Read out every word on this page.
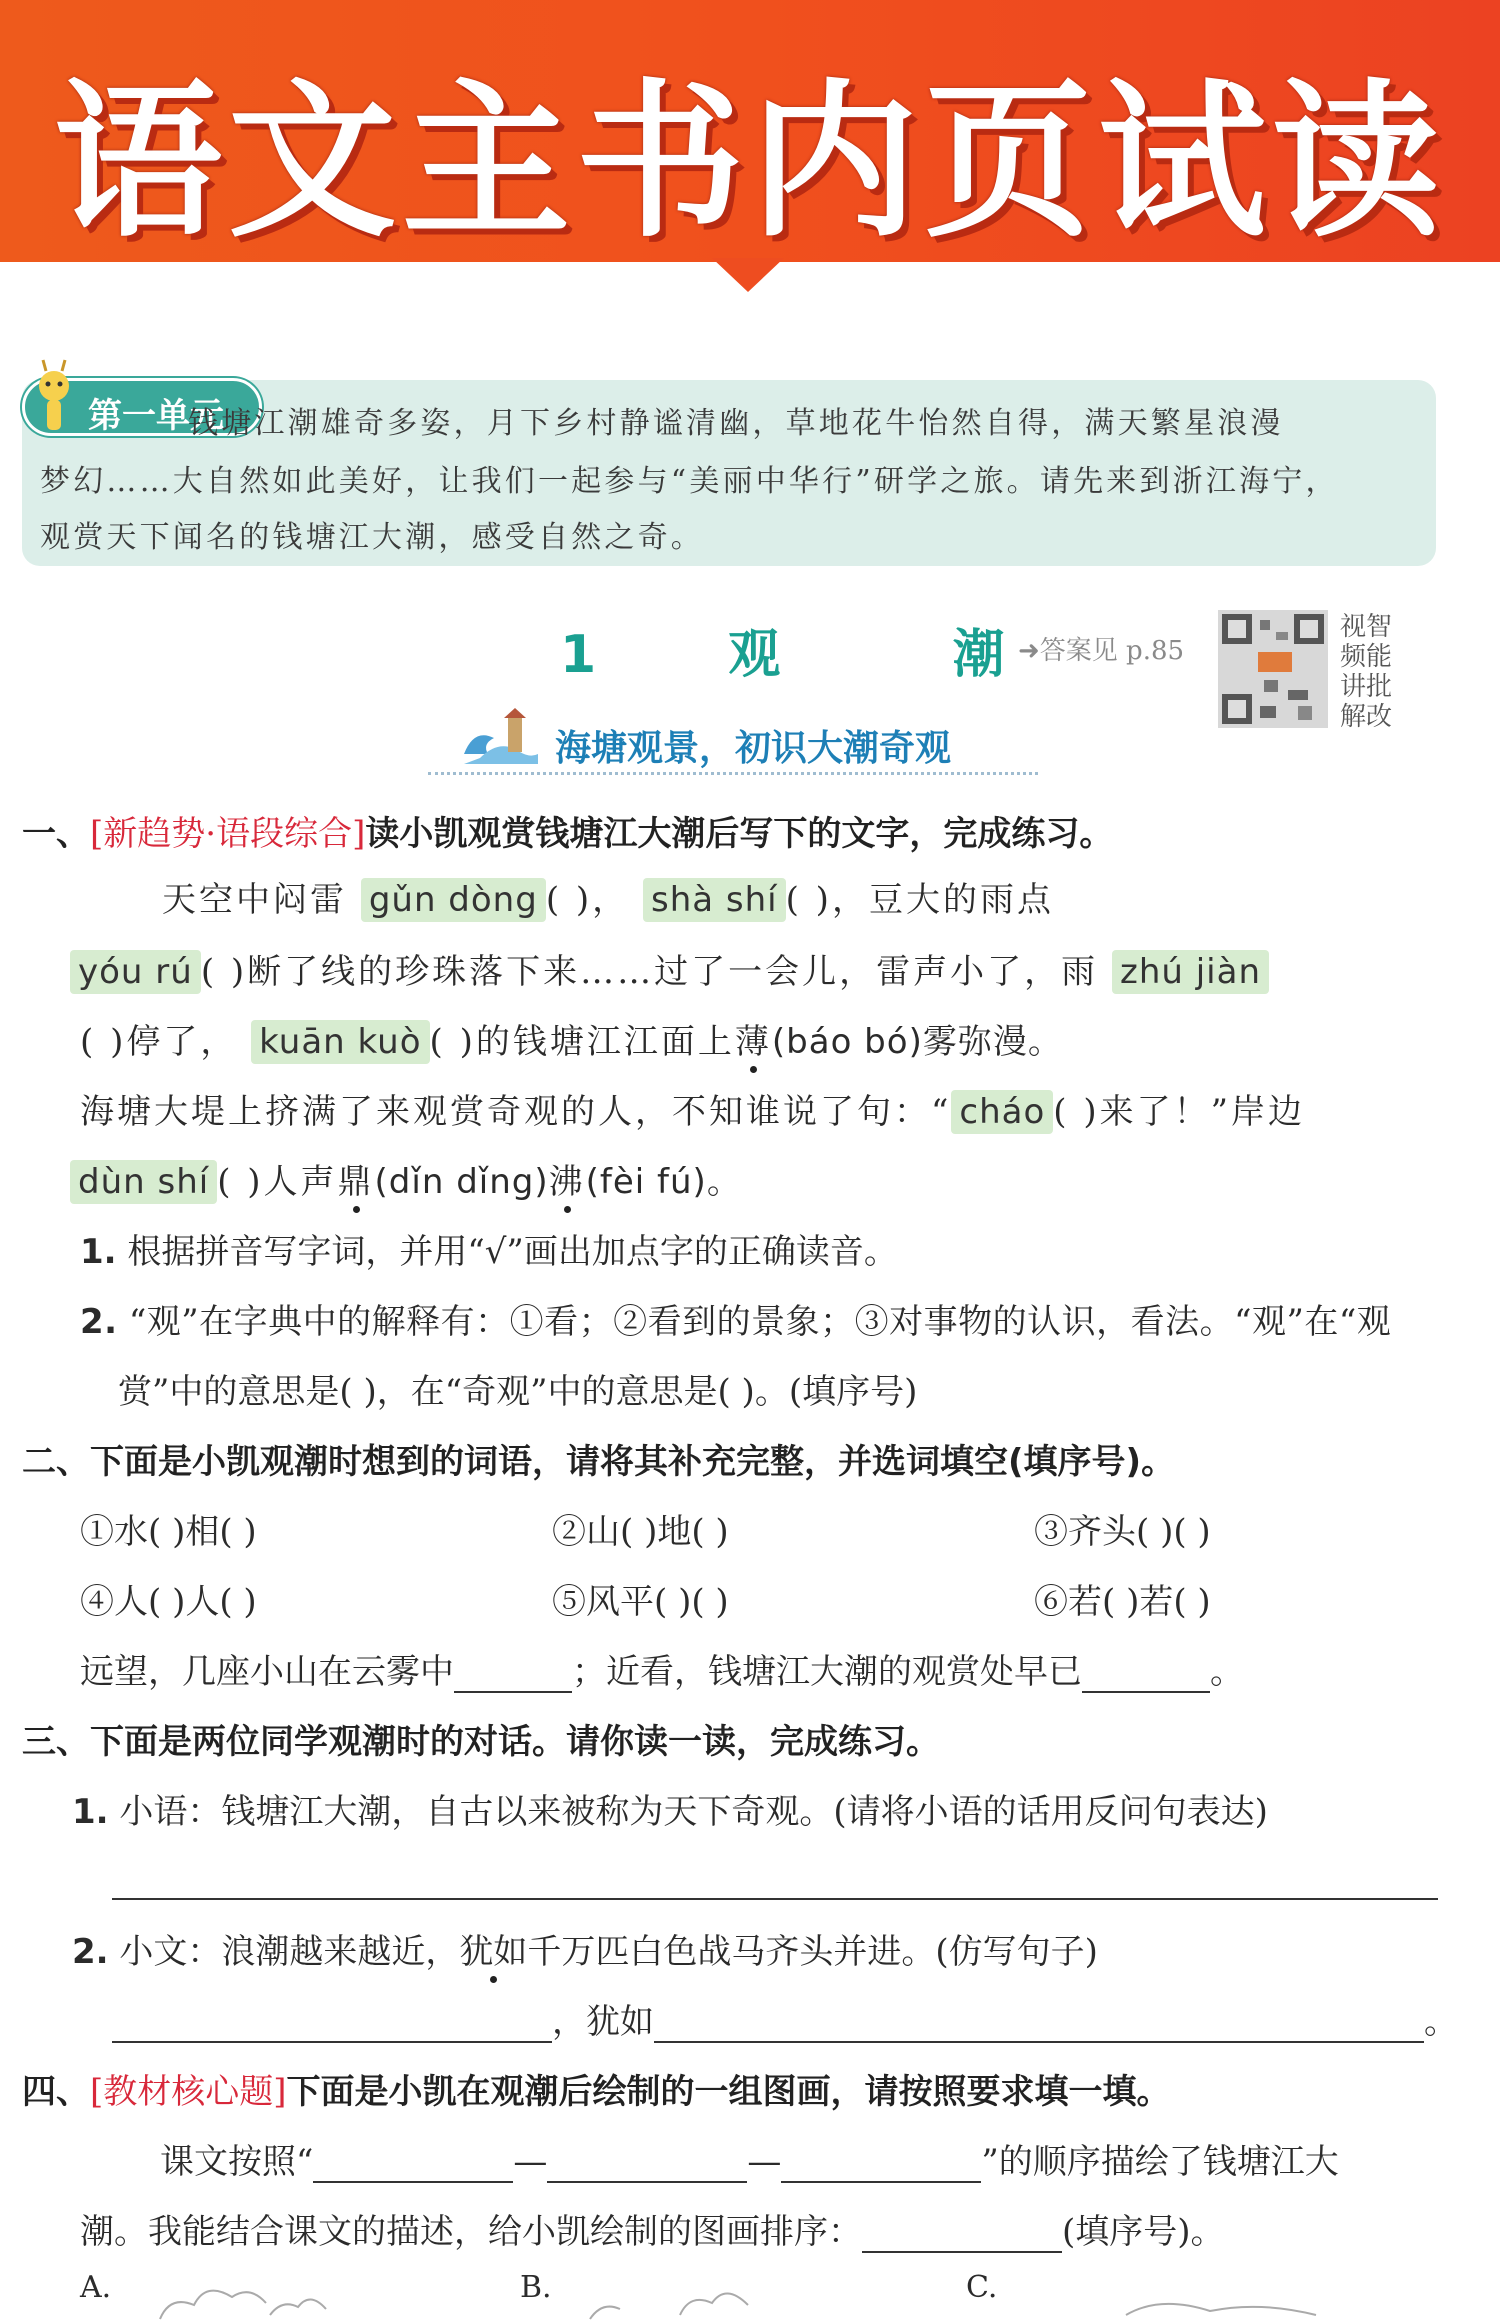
语文主书内页试读
第一单元
钱塘江潮雄奇多姿，月下乡村静谧清幽，草地花牛怡然自得，满天繁星浪漫
梦幻……大自然如此美好，让我们一起参与“美丽中华行”研学之旅。请先来到浙江海宁，
观赏天下闻名的钱塘江大潮，感受自然之奇。
1	观	潮 ➜答案见 p.85
视智
频能
讲批
解改
海塘观景，初识大潮奇观
一、[新趋势·语段综合]读小凯观赏钱塘江大潮后写下的文字，完成练习。
天空中闷雷 gǔn dòng ( )， shà shí ( )，豆大的雨点
yóu rú ( )断了线的珍珠落下来……过了一会儿，雷声小了，雨 zhú jiàn
( )停了， kuān kuò ( )的钱塘江江面上薄(báo bó)雾弥漫。
海塘大堤上挤满了来观赏奇观的人，不知谁说了句：“ cháo ( )来了！”岸边
dùn shí ( )人声鼎(dǐn dǐng)沸(fèi fú)。
1. 根据拼音写字词，并用“√”画出加点字的正确读音。
2. “观”在字典中的解释有：①看；②看到的景象；③对事物的认识，看法。“观”在“观
赏”中的意思是( )，在“奇观”中的意思是( )。(填序号)
二、下面是小凯观潮时想到的词语，请将其补充完整，并选词填空(填序号)。
①水( )相( )	②山( )地( )	③齐头( )( )
④人( )人( )	⑤风平( )( )	⑥若( )若( )
远望，几座小山在云雾中	；近看，钱塘江大潮的观赏处早已	。
三、下面是两位同学观潮时的对话。请你读一读，完成练习。
1. 小语：钱塘江大潮，自古以来被称为天下奇观。(请将小语的话用反问句表达)
2. 小文：浪潮越来越近，犹如千万匹白色战马齐头并进。(仿写句子)
，犹如	。
四、[教材核心题]下面是小凯在观潮后绘制的一组图画，请按照要求填一填。
课文按照“	—	—	”的顺序描绘了钱塘江大
潮。我能结合课文的描述，给小凯绘制的图画排序：	(填序号)。
A.	B.	C.
